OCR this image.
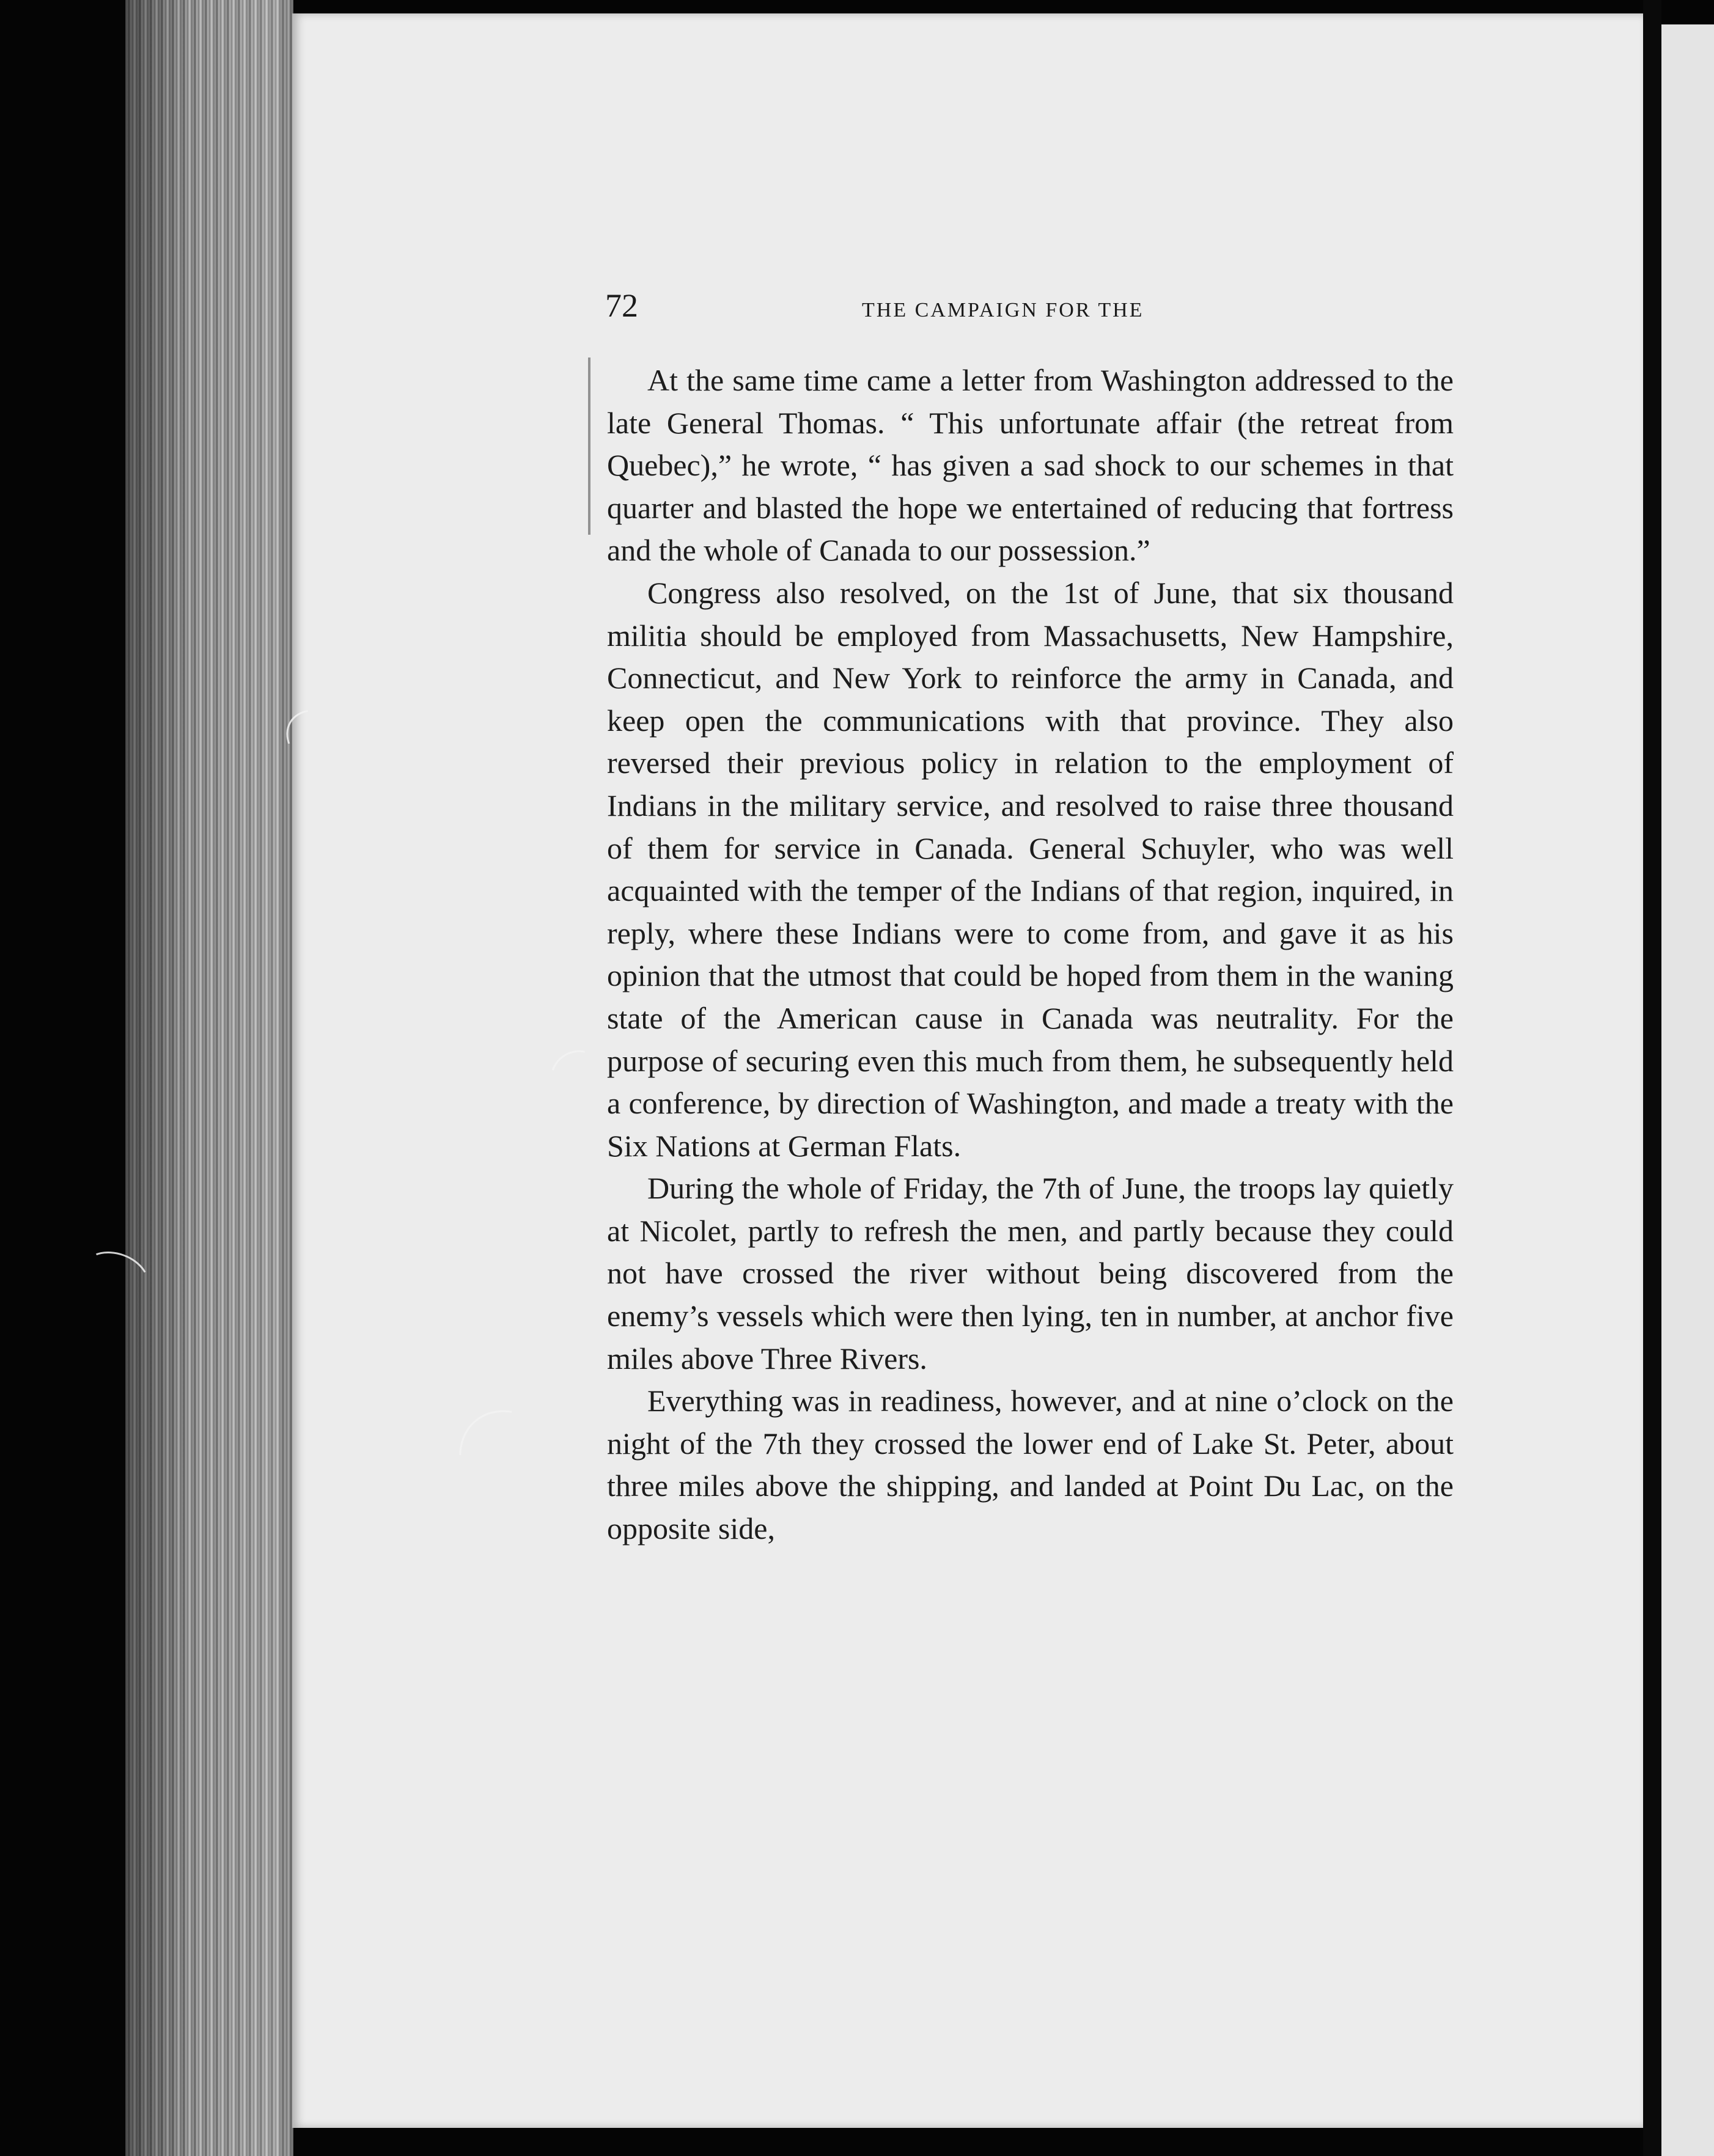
72	THE CAMPAIGN FOR THE

At the same time came a letter from Washington addressed to the late General Thomas. “ This unfortunate affair (the retreat from Quebec),” he wrote, “ has given a sad shock to our schemes in that quarter and blasted the hope we entertained of reducing that fortress and the whole of Canada to our possession.”

Congress also resolved, on the 1st of June, that six thousand militia should be employed from Massachusetts, New Hampshire, Connecticut, and New York to reinforce the army in Canada, and keep open the communications with that province. They also reversed their previous policy in relation to the employment of Indians in the military service, and resolved to raise three thousand of them for service in Canada. General Schuyler, who was well acquainted with the temper of the Indians of that region, inquired, in reply, where these Indians were to come from, and gave it as his opinion that the utmost that could be hoped from them in the waning state of the American cause in Canada was neutrality. For the purpose of securing even this much from them, he subsequently held a conference, by direction of Washington, and made a treaty with the Six Nations at German Flats.

During the whole of Friday, the 7th of June, the troops lay quietly at Nicolet, partly to refresh the men, and partly because they could not have crossed the river without being discovered from the enemy’s vessels which were then lying, ten in number, at anchor five miles above Three Rivers.

Everything was in readiness, however, and at nine o’clock on the night of the 7th they crossed the lower end of Lake St. Peter, about three miles above the shipping, and landed at Point Du Lac, on the opposite side,
